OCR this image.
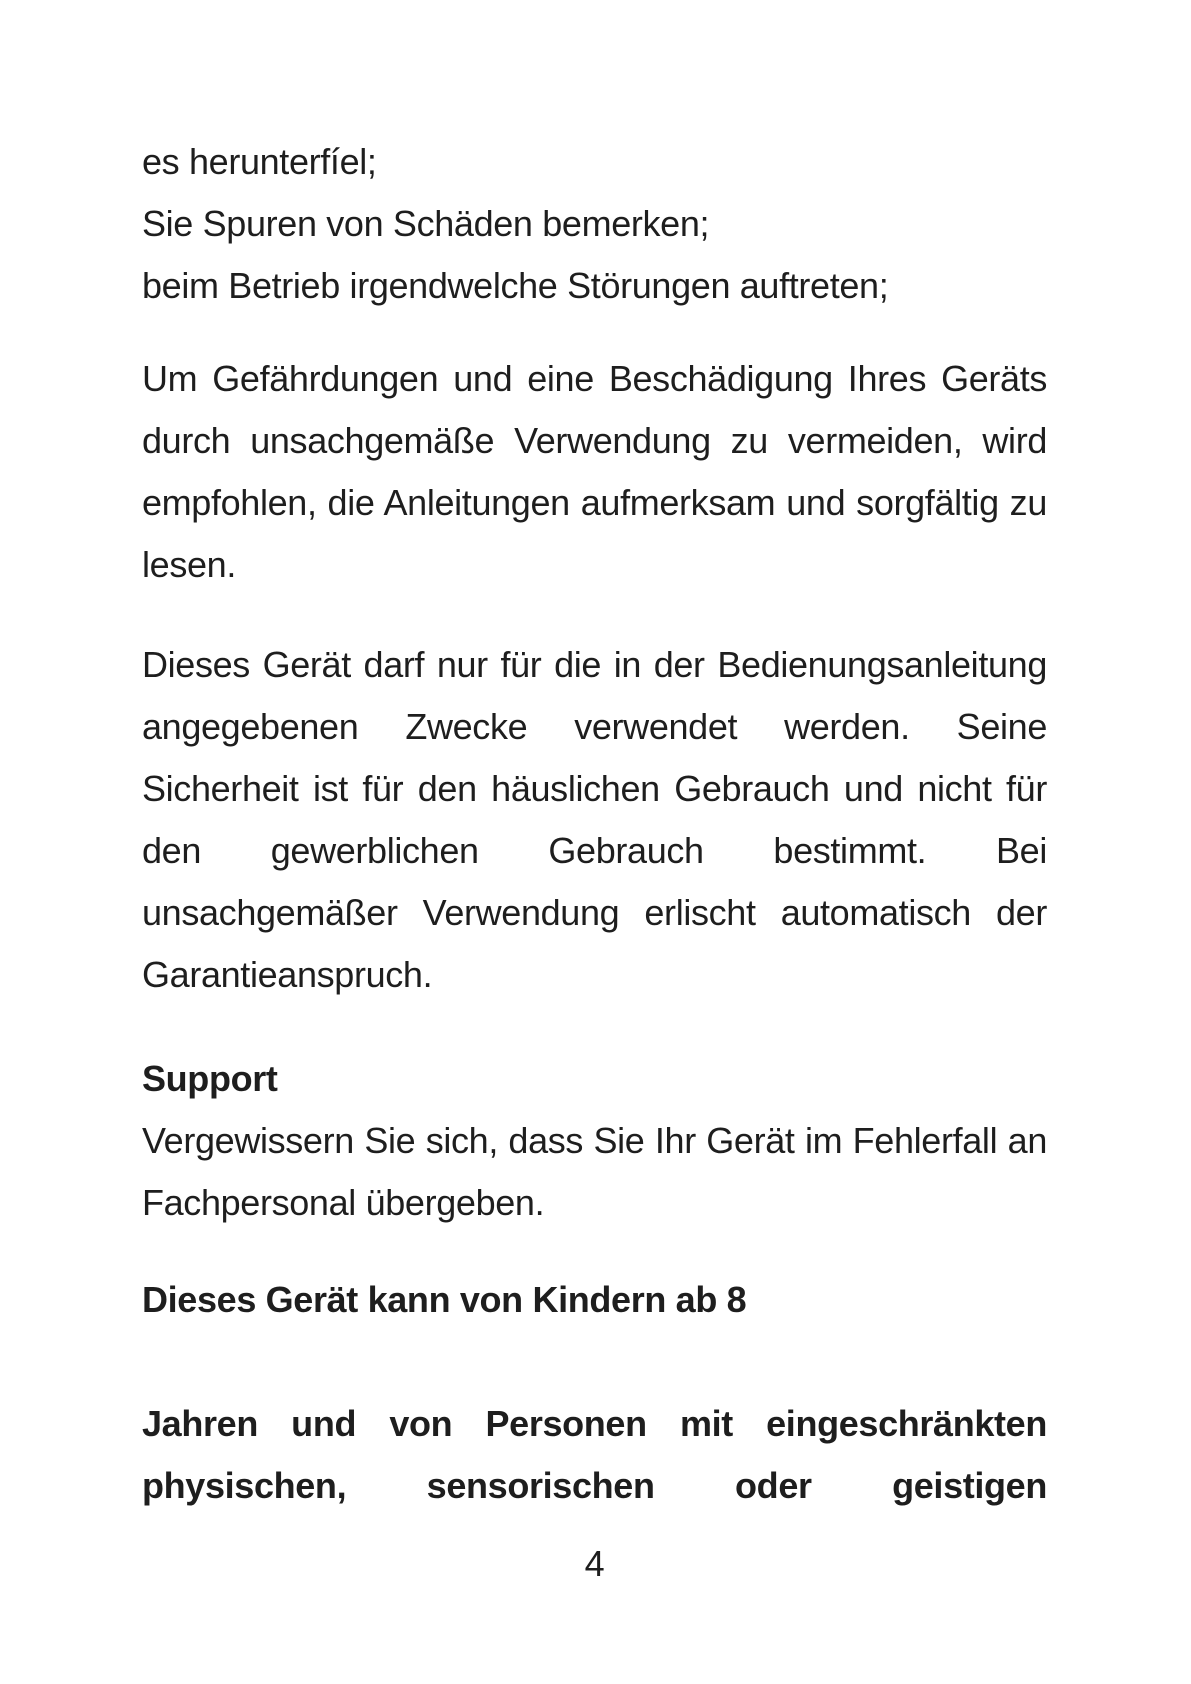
es herunterfíel;
Sie Spuren von Schäden bemerken;
beim Betrieb irgendwelche Störungen auftreten;
Um Gefährdungen und eine Beschädigung Ihres Geräts
durch unsachgemäße Verwendung zu vermeiden, wird
empfohlen, die Anleitungen aufmerksam und sorgfältig zu
lesen.
Dieses Gerät darf nur für die in der Bedienungsanleitung
angegebenen Zwecke verwendet werden. Seine
Sicherheit ist für den häuslichen Gebrauch und nicht für
den gewerblichen Gebrauch bestimmt. Bei
unsachgemäßer Verwendung erlischt automatisch der
Garantieanspruch.
Support
Vergewissern Sie sich, dass Sie Ihr Gerät im Fehlerfall an
Fachpersonal übergeben.
Dieses Gerät kann von Kindern ab 8
Jahren und von Personen mit eingeschränkten
physischen, sensorischen oder geistigen
4
